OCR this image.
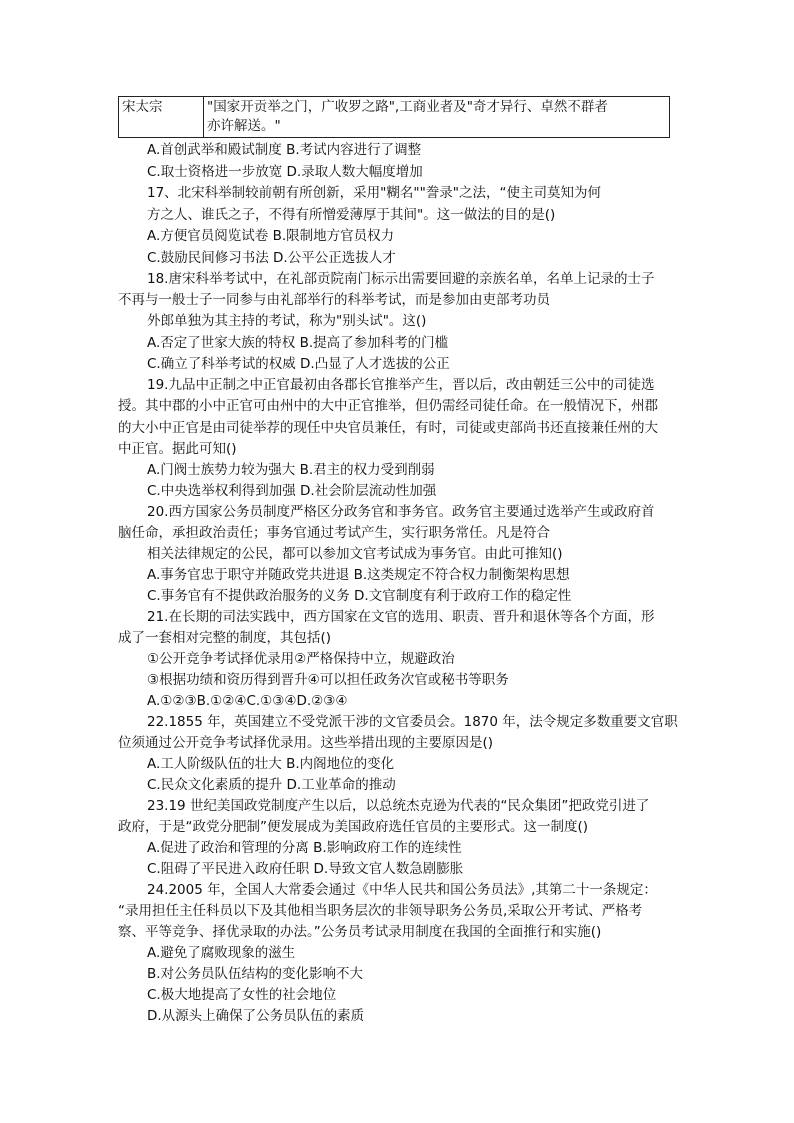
宋太宗	"国家开贡举之门，广收罗之路",工商业者及"奇才异行、卓然不群者
亦许解送。"
A.首创武举和殿试制度 B.考试内容进行了调整
C.取士资格进一步放宽 D.录取人数大幅度增加
17、北宋科举制较前朝有所创新，采用"糊名""誊录"之法，“使主司莫知为何
方之人、谁氏之子，不得有所憎爱薄厚于其间"。这一做法的目的是()
A.方便官员阅览试卷 B.限制地方官员权力
C.鼓励民间修习书法 D.公平公正选拔人才
18.唐宋科举考试中，在礼部贡院南门标示出需要回避的亲族名单，名单上记录的士子
不再与一般士子一同参与由礼部举行的科举考试，而是参加由吏部考功员
外郎单独为其主持的考试，称为"别头试"。这()
A.否定了世家大族的特权 B.提高了参加科考的门槛
C.确立了科举考试的权威 D.凸显了人才选拔的公正
19.九品中正制之中正官最初由各郡长官推举产生，晋以后，改由朝廷三公中的司徒选
授。其中郡的小中正官可由州中的大中正官推举，但仍需经司徒任命。在一般情况下，州郡
的大小中正官是由司徒举荐的现任中央官员兼任，有时，司徒或吏部尚书还直接兼任州的大
中正官。据此可知()
A.门阀士族势力较为强大 B.君主的权力受到削弱
C.中央选举权利得到加强 D.社会阶层流动性加强
20.西方国家公务员制度严格区分政务官和亊务官。政务官主要通过选举产生或政府首
脑任命，承担政治责任；事务官通过考试产生，实行职务常任。凡是符合
相关法律规定的公民，都可以参加文官考试成为事务官。由此可推知()
A.事务官忠于职守并随政党共进退 B.这类规定不符合权力制衡架构思想
C.事务官有不提供政治服务的义务 D.文官制度有利于政府工作的稳定性
21.在长期的司法实践中，西方国家在文官的选用、职责、晋升和退休等各个方面，形
成了一套相对完整的制度，其包括()
①公开竞争考试择优录用②严格保持中立，规避政治
③根据功绩和资历得到晋升④可以担任政务次官或秘书等职务
A.①②③B.①②④C.①③④D.②③④
22.1855 年，英国建立不受党派干涉的文官委员会。1870 年，法令规定多数重要文官职
位须通过公开竞争考试择优录用。这些举措出现的主要原因是()
A.工人阶级队伍的壮大 B.内阁地位的变化
C.民众文化素质的提升 D.工业革命的推动
23.19 世纪美国政党制度产生以后，以总统杰克逊为代表的“民众集团”把政党引进了
政府，于是“政党分肥制”便发展成为美国政府选任官员的主要形式。这一制度()
A.促进了政治和管理的分离 B.影响政府工作的连续性
C.阻碍了平民进入政府任职 D.导致文官人数急剧膨胀
24.2005 年，全国人大常委会通过《中华人民共和国公务员法》,其第二十一条规定：
“录用担任主任科员以下及其他相当职务层次的非领导职务公务员,采取公开考试、严格考
察、平等竞争、择优录取的办法。”公务员考试录用制度在我国的全面推行和实施()
A.避免了腐败现象的滋生
B.对公务员队伍结构的变化影响不大
C.极大地提高了女性的社会地位
D.从源头上确保了公务员队伍的素质
